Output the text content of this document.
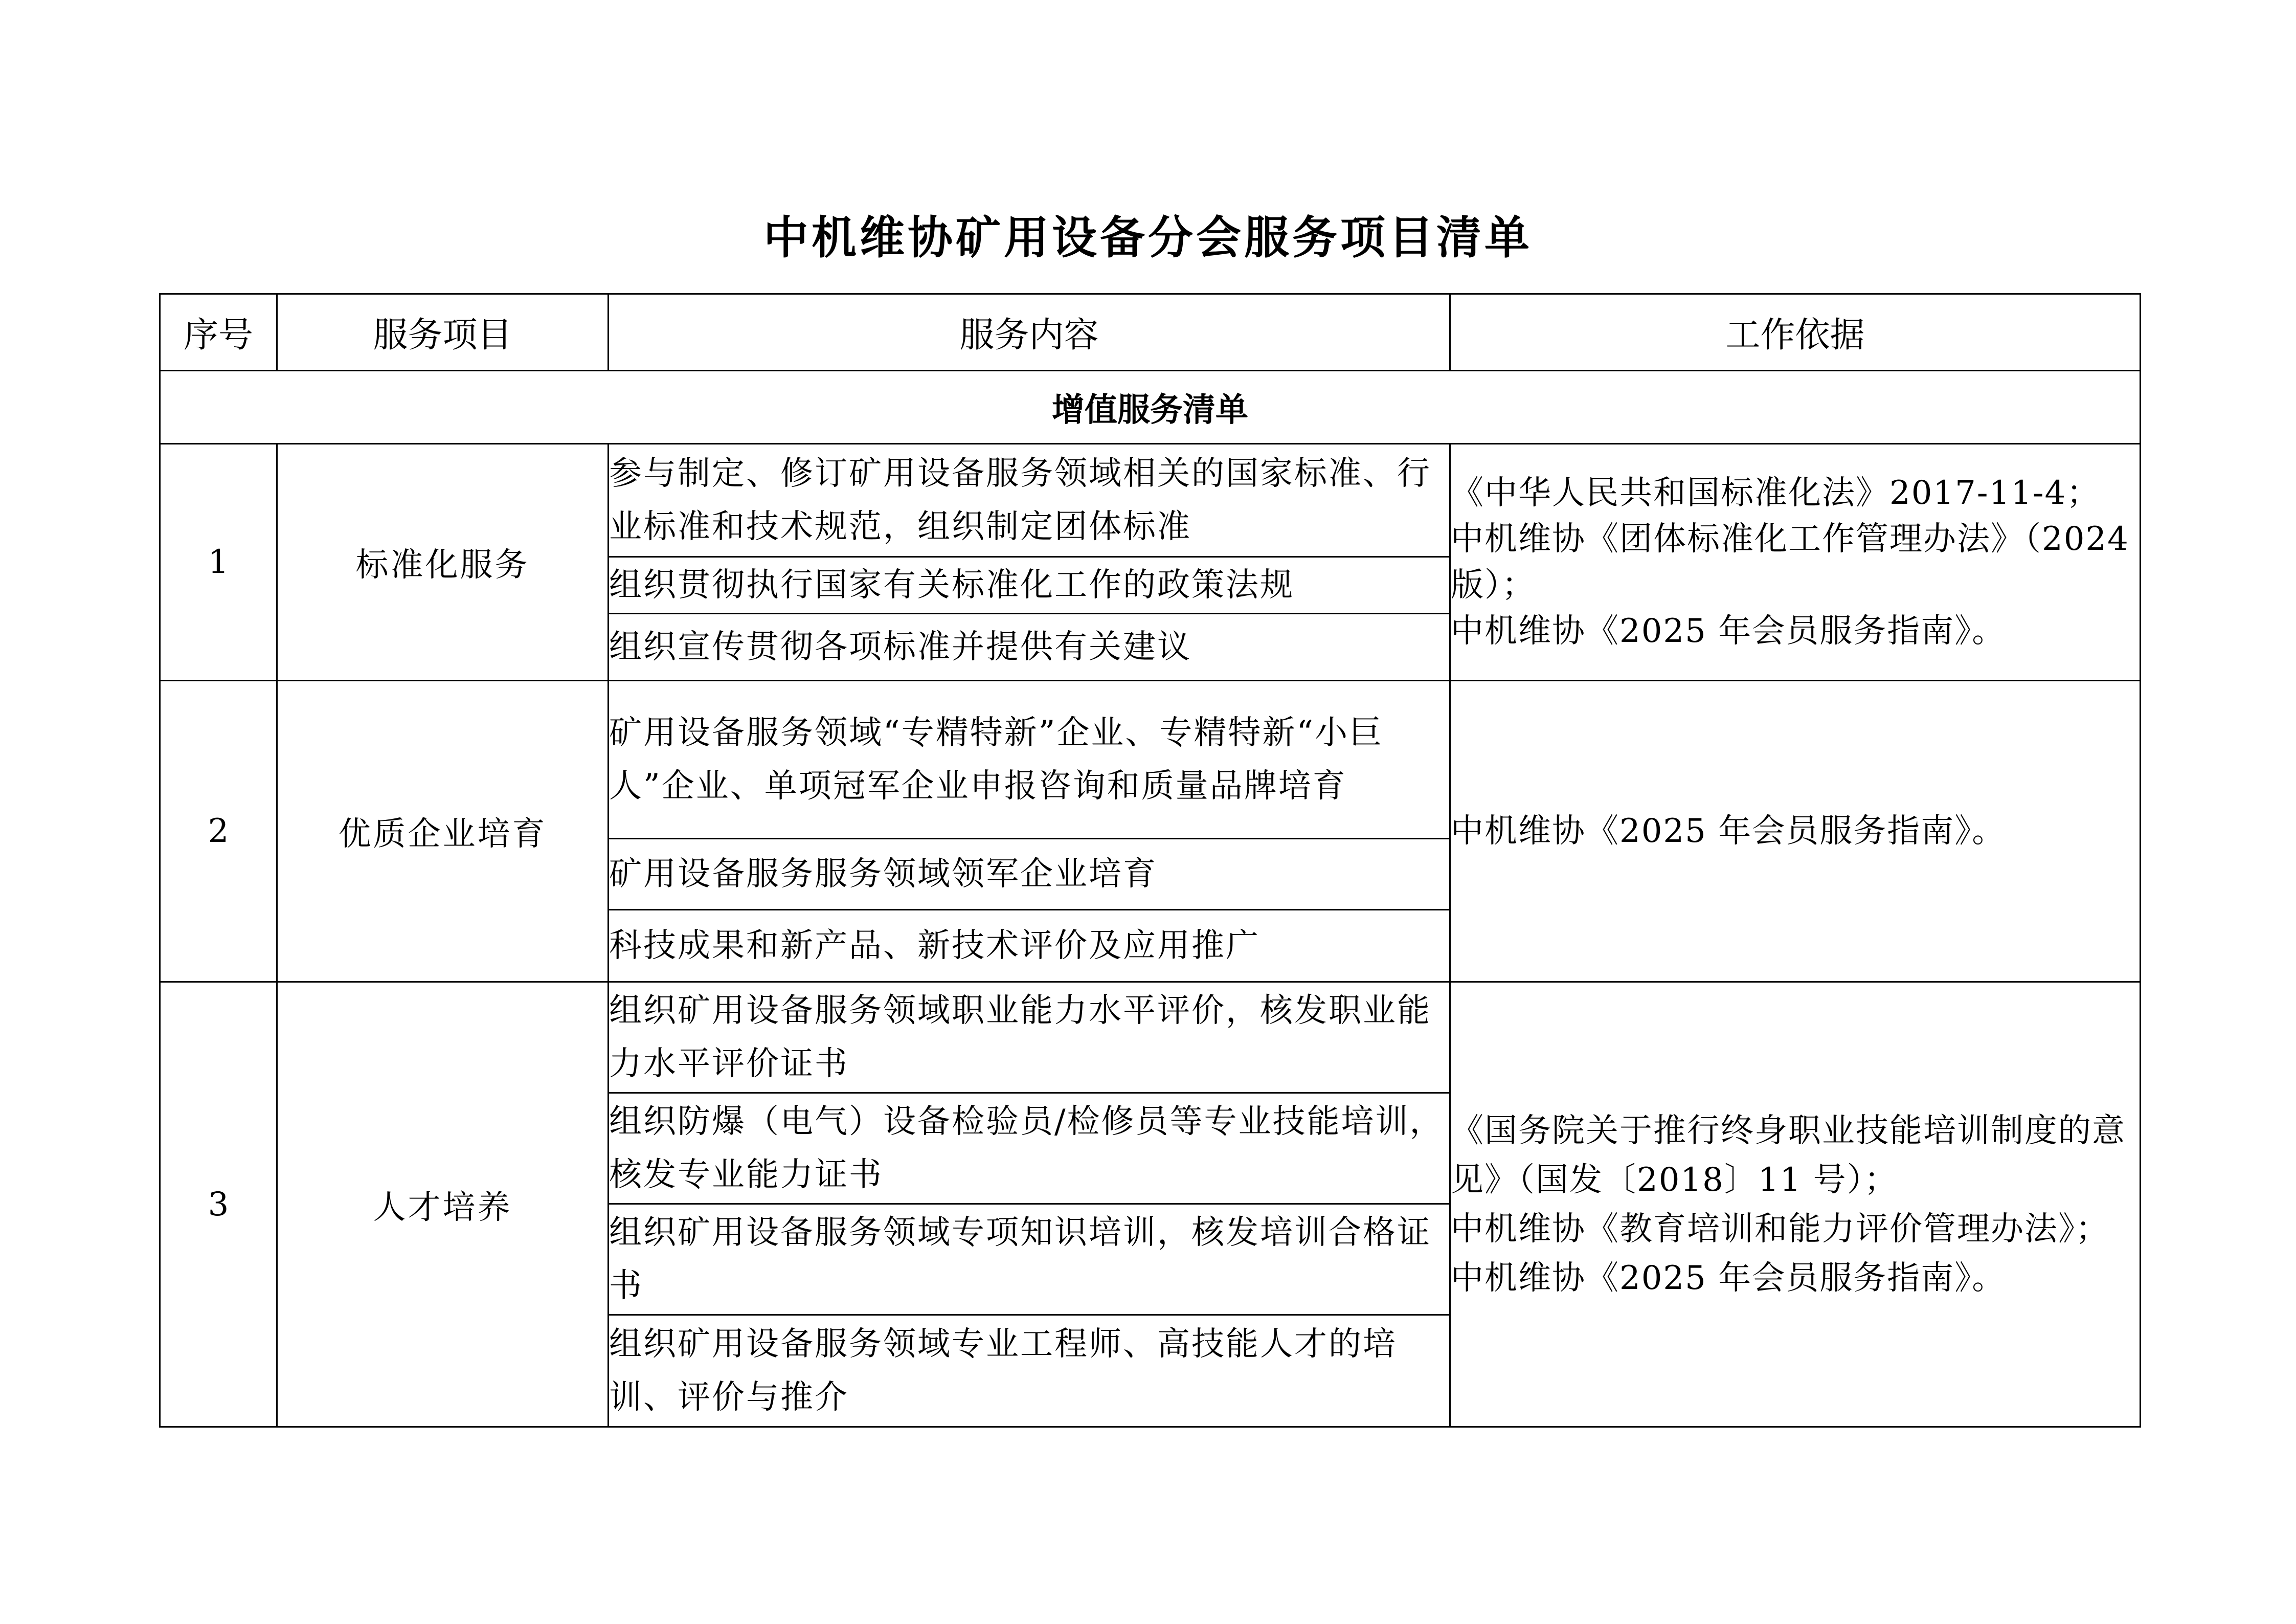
中机维协矿用设备分会服务项目清单
序号	服务项目	服务内容	工作依据
增值服务清单			
1	标准化服务	参与制定、修订矿用设备服务领域相关的国家标准、行业标准和技术规范，组织制定团体标准	《中华人民共和国标准化法》2017-11-4；
中机维协《团体标准化工作管理办法》（2024 版）；
中机维协《2025 年会员服务指南》。

		组织贯彻执行国家有关标准化工作的政策法规	
		组织宣传贯彻各项标准并提供有关建议	
2	优质企业培育	矿用设备服务领域“专精特新”企业、专精特新“小巨人”企业、单项冠军企业申报咨询和质量品牌培育	中机维协《2025 年会员服务指南》。

		矿用设备服务服务领域领军企业培育	
		科技成果和新产品、新技术评价及应用推广	
3	人才培养	组织矿用设备服务领域职业能力水平评价，核发职业能力水平评价证书	《国务院关于推行终身职业技能培训制度的意见》（国发〔2018〕11 号）；
中机维协《教育培训和能力评价管理办法》；
中机维协《2025 年会员服务指南》。

		组织防爆（电气）设备检验员/检修员等专业技能培训，核发专业能力证书	
		组织矿用设备服务领域专项知识培训，核发培训合格证书	
		组织矿用设备服务领域专业工程师、高技能人才的培训、评价与推介	
